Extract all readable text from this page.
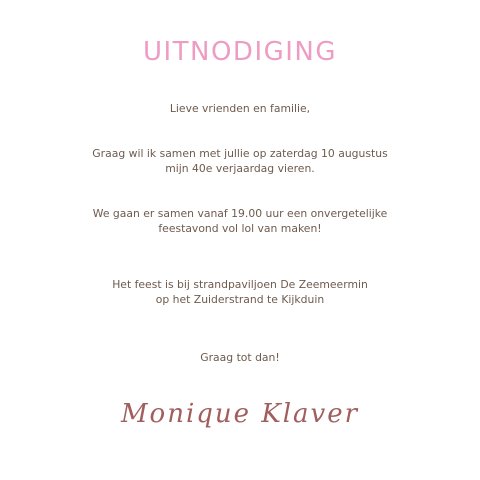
UITNODIGING

Lieve vrienden en familie,

Graag wil ik samen met jullie op zaterdag 10 augustus
mijn 40e verjaardag vieren.

We gaan er samen vanaf 19.00 uur een onvergetelijke
feestavond vol lol van maken!

Het feest is bij strandpaviljoen De Zeemeermin
op het Zuiderstrand te Kijkduin

Graag tot dan!

Monique Klaver
